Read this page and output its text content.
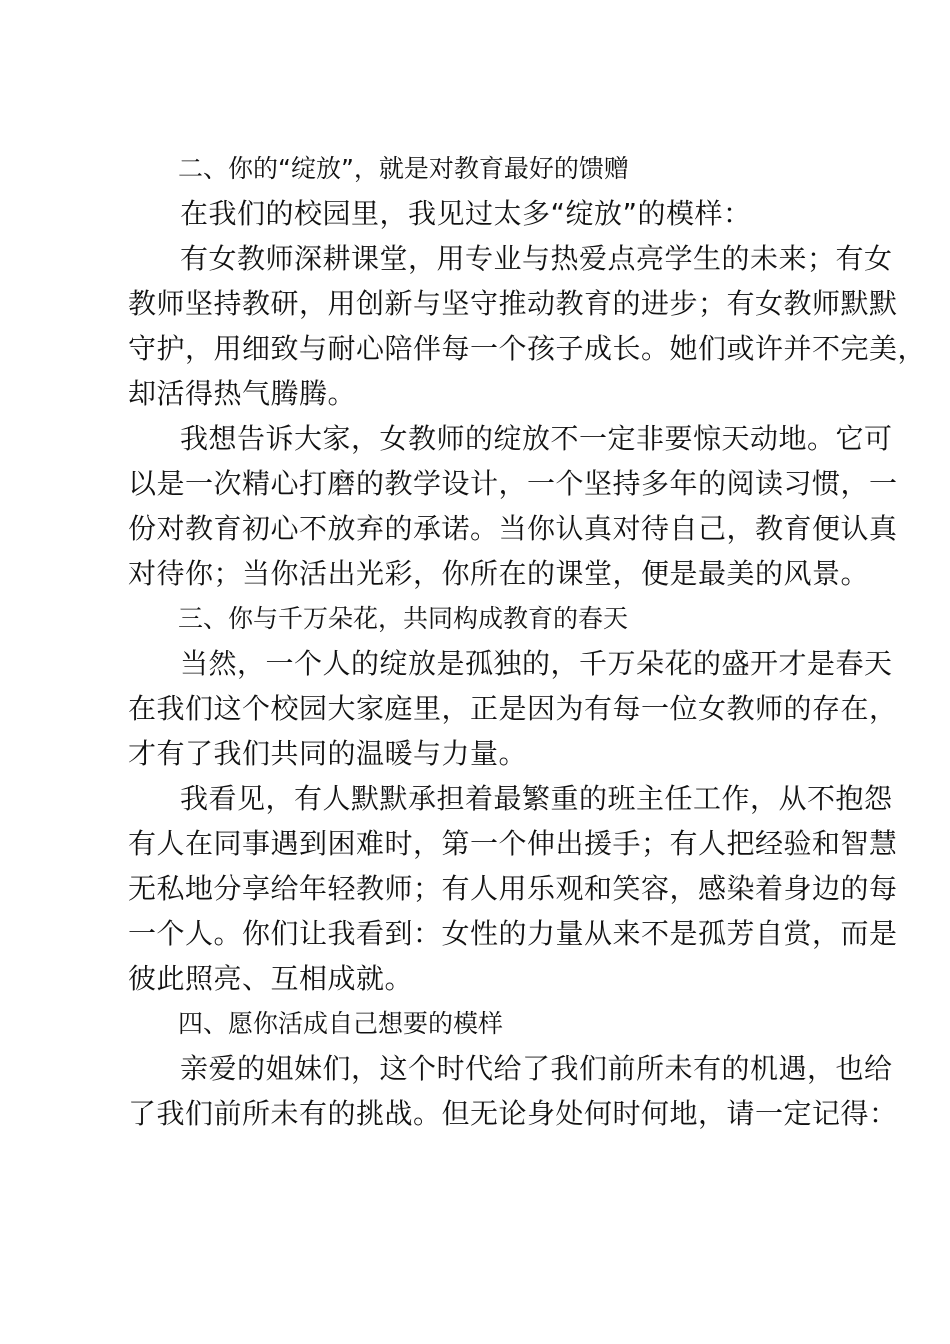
二、你的“绽放”，就是对教育最好的馈赠

在我们的校园里，我见过太多“绽放”的模样：

有女教师深耕课堂，用专业与热爱点亮学生的未来；有女
教师坚持教研，用创新与坚守推动教育的进步；有女教师默默
守护，用细致与耐心陪伴每一个孩子成长。她们或许并不完美，
却活得热气腾腾。

我想告诉大家，女教师的绽放不一定非要惊天动地。它可
以是一次精心打磨的教学设计，一个坚持多年的阅读习惯，一
份对教育初心不放弃的承诺。当你认真对待自己，教育便认真
对待你；当你活出光彩，你所在的课堂，便是最美的风景。

三、你与千万朵花，共同构成教育的春天

当然，一个人的绽放是孤独的，千万朵花的盛开才是春天
在我们这个校园大家庭里，正是因为有每一位女教师的存在，
才有了我们共同的温暖与力量。

我看见，有人默默承担着最繁重的班主任工作，从不抱怨
有人在同事遇到困难时，第一个伸出援手；有人把经验和智慧
无私地分享给年轻教师；有人用乐观和笑容，感染着身边的每
一个人。你们让我看到：女性的力量从来不是孤芳自赏，而是
彼此照亮、互相成就。

四、愿你活成自己想要的模样

亲爱的姐妹们，这个时代给了我们前所未有的机遇，也给
了我们前所未有的挑战。但无论身处何时何地，请一定记得：
